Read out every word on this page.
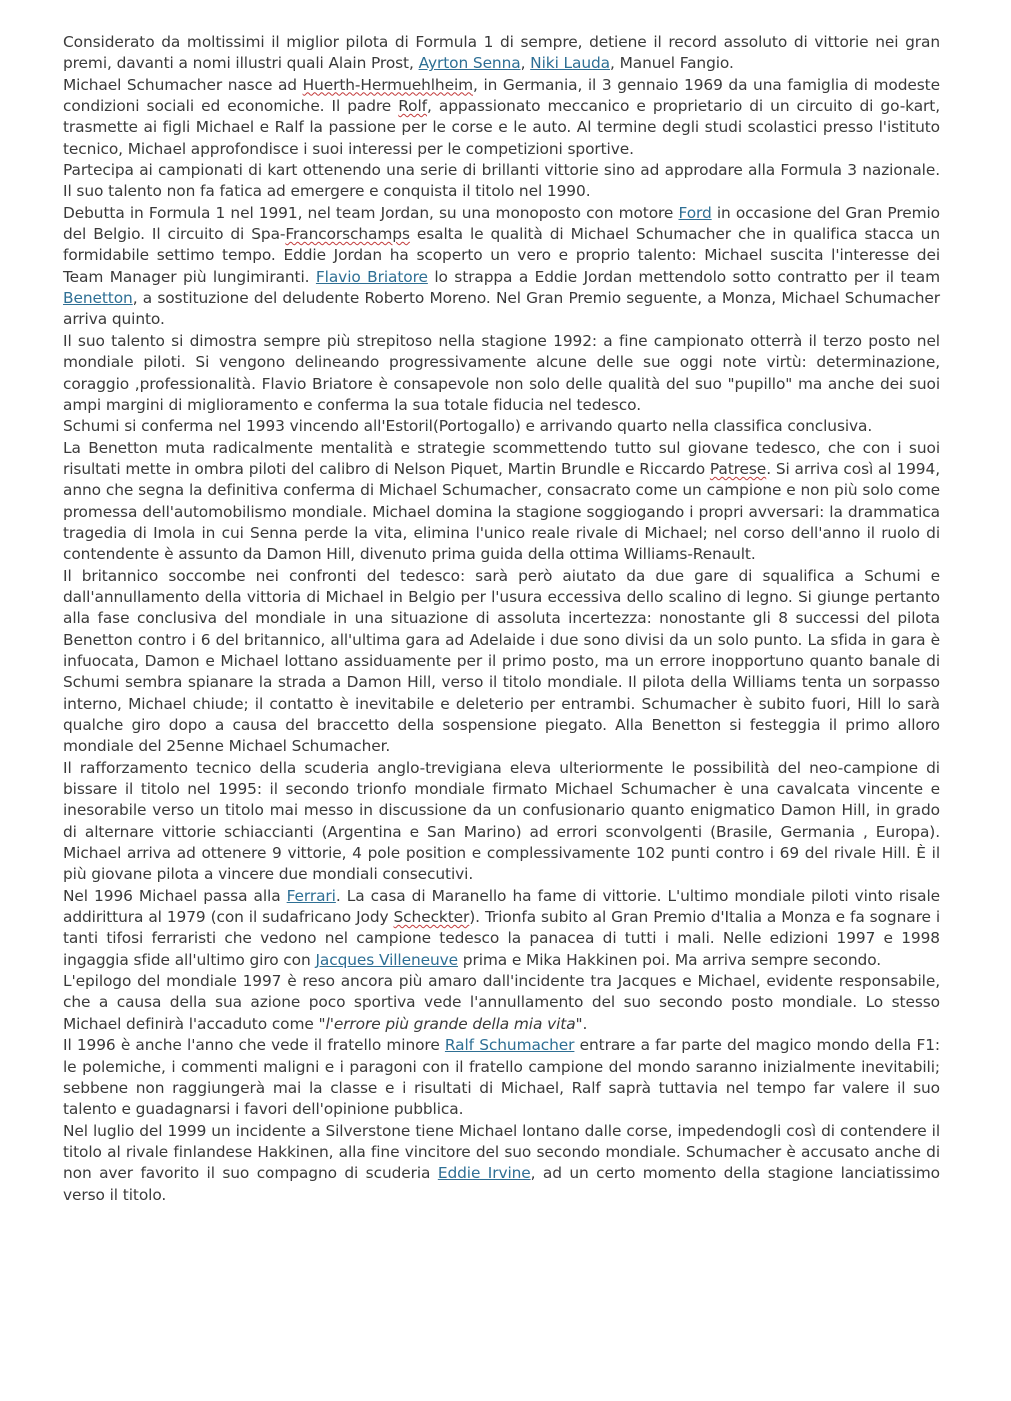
Considerato da moltissimi il miglior pilota di Formula 1 di sempre, detiene il record assoluto di vittorie nei gran premi, davanti a nomi illustri quali Alain Prost, Ayrton Senna, Niki Lauda, Manuel Fangio.

Michael Schumacher nasce ad Huerth-Hermuehlheim, in Germania, il 3 gennaio 1969 da una famiglia di modeste condizioni sociali ed economiche. Il padre Rolf, appassionato meccanico e proprietario di un circuito di go-kart, trasmette ai figli Michael e Ralf la passione per le corse e le auto. Al termine degli studi scolastici presso l'istituto tecnico, Michael approfondisce i suoi interessi per le competizioni sportive.

Partecipa ai campionati di kart ottenendo una serie di brillanti vittorie sino ad approdare alla Formula 3 nazionale. Il suo talento non fa fatica ad emergere e conquista il titolo nel 1990.

Debutta in Formula 1 nel 1991, nel team Jordan, su una monoposto con motore Ford in occasione del Gran Premio del Belgio. Il circuito di Spa-Francorschamps esalta le qualità di Michael Schumacher che in qualifica stacca un formidabile settimo tempo. Eddie Jordan ha scoperto un vero e proprio talento: Michael suscita l'interesse dei Team Manager più lungimiranti. Flavio Briatore lo strappa a Eddie Jordan mettendolo sotto contratto per il team Benetton, a sostituzione del deludente Roberto Moreno. Nel Gran Premio seguente, a Monza, Michael Schumacher arriva quinto.

Il suo talento si dimostra sempre più strepitoso nella stagione 1992: a fine campionato otterrà il terzo posto nel mondiale piloti. Si vengono delineando progressivamente alcune delle sue oggi note virtù: determinazione, coraggio ,professionalità. Flavio Briatore è consapevole non solo delle qualità del suo "pupillo" ma anche dei suoi ampi margini di miglioramento e conferma la sua totale fiducia nel tedesco.

Schumi si conferma nel 1993 vincendo all'Estoril(Portogallo) e arrivando quarto nella classifica conclusiva.

La Benetton muta radicalmente mentalità e strategie scommettendo tutto sul giovane tedesco, che con i suoi risultati mette in ombra piloti del calibro di Nelson Piquet, Martin Brundle e Riccardo Patrese. Si arriva così al 1994, anno che segna la definitiva conferma di Michael Schumacher, consacrato come un campione e non più solo come promessa dell'automobilismo mondiale. Michael domina la stagione soggiogando i propri avversari: la drammatica tragedia di Imola in cui Senna perde la vita, elimina l'unico reale rivale di Michael; nel corso dell'anno il ruolo di contendente è assunto da Damon Hill, divenuto prima guida della ottima Williams-Renault.

Il britannico soccombe nei confronti del tedesco: sarà però aiutato da due gare di squalifica a Schumi e dall'annullamento della vittoria di Michael in Belgio per l'usura eccessiva dello scalino di legno. Si giunge pertanto alla fase conclusiva del mondiale in una situazione di assoluta incertezza: nonostante gli 8 successi del pilota Benetton contro i 6 del britannico, all'ultima gara ad Adelaide i due sono divisi da un solo punto. La sfida in gara è infuocata, Damon e Michael lottano assiduamente per il primo posto, ma un errore inopportuno quanto banale di Schumi sembra spianare la strada a Damon Hill, verso il titolo mondiale. Il pilota della Williams tenta un sorpasso interno, Michael chiude; il contatto è inevitabile e deleterio per entrambi. Schumacher è subito fuori, Hill lo sarà qualche giro dopo a causa del braccetto della sospensione piegato. Alla Benetton si festeggia il primo alloro mondiale del 25enne Michael Schumacher.

Il rafforzamento tecnico della scuderia anglo-trevigiana eleva ulteriormente le possibilità del neo-campione di bissare il titolo nel 1995: il secondo trionfo mondiale firmato Michael Schumacher è una cavalcata vincente e inesorabile verso un titolo mai messo in discussione da un confusionario quanto enigmatico Damon Hill, in grado di alternare vittorie schiaccianti (Argentina e San Marino) ad errori sconvolgenti (Brasile, Germania , Europa). Michael arriva ad ottenere 9 vittorie, 4 pole position e complessivamente 102 punti contro i 69 del rivale Hill. È il più giovane pilota a vincere due mondiali consecutivi.

Nel 1996 Michael passa alla Ferrari. La casa di Maranello ha fame di vittorie. L'ultimo mondiale piloti vinto risale addirittura al 1979 (con il sudafricano Jody Scheckter). Trionfa subito al Gran Premio d'Italia a Monza e fa sognare i tanti tifosi ferraristi che vedono nel campione tedesco la panacea di tutti i mali. Nelle edizioni 1997 e 1998 ingaggia sfide all'ultimo giro con Jacques Villeneuve prima e Mika Hakkinen poi. Ma arriva sempre secondo.

L'epilogo del mondiale 1997 è reso ancora più amaro dall'incidente tra Jacques e Michael, evidente responsabile, che a causa della sua azione poco sportiva vede l'annullamento del suo secondo posto mondiale. Lo stesso Michael definirà l'accaduto come "l'errore più grande della mia vita".

Il 1996 è anche l'anno che vede il fratello minore Ralf Schumacher entrare a far parte del magico mondo della F1: le polemiche, i commenti maligni e i paragoni con il fratello campione del mondo saranno inizialmente inevitabili; sebbene non raggiungerà mai la classe e i risultati di Michael, Ralf saprà tuttavia nel tempo far valere il suo talento e guadagnarsi i favori dell'opinione pubblica.

Nel luglio del 1999 un incidente a Silverstone tiene Michael lontano dalle corse, impedendogli così di contendere il titolo al rivale finlandese Hakkinen, alla fine vincitore del suo secondo mondiale. Schumacher è accusato anche di non aver favorito il suo compagno di scuderia Eddie Irvine, ad un certo momento della stagione lanciatissimo verso il titolo.
